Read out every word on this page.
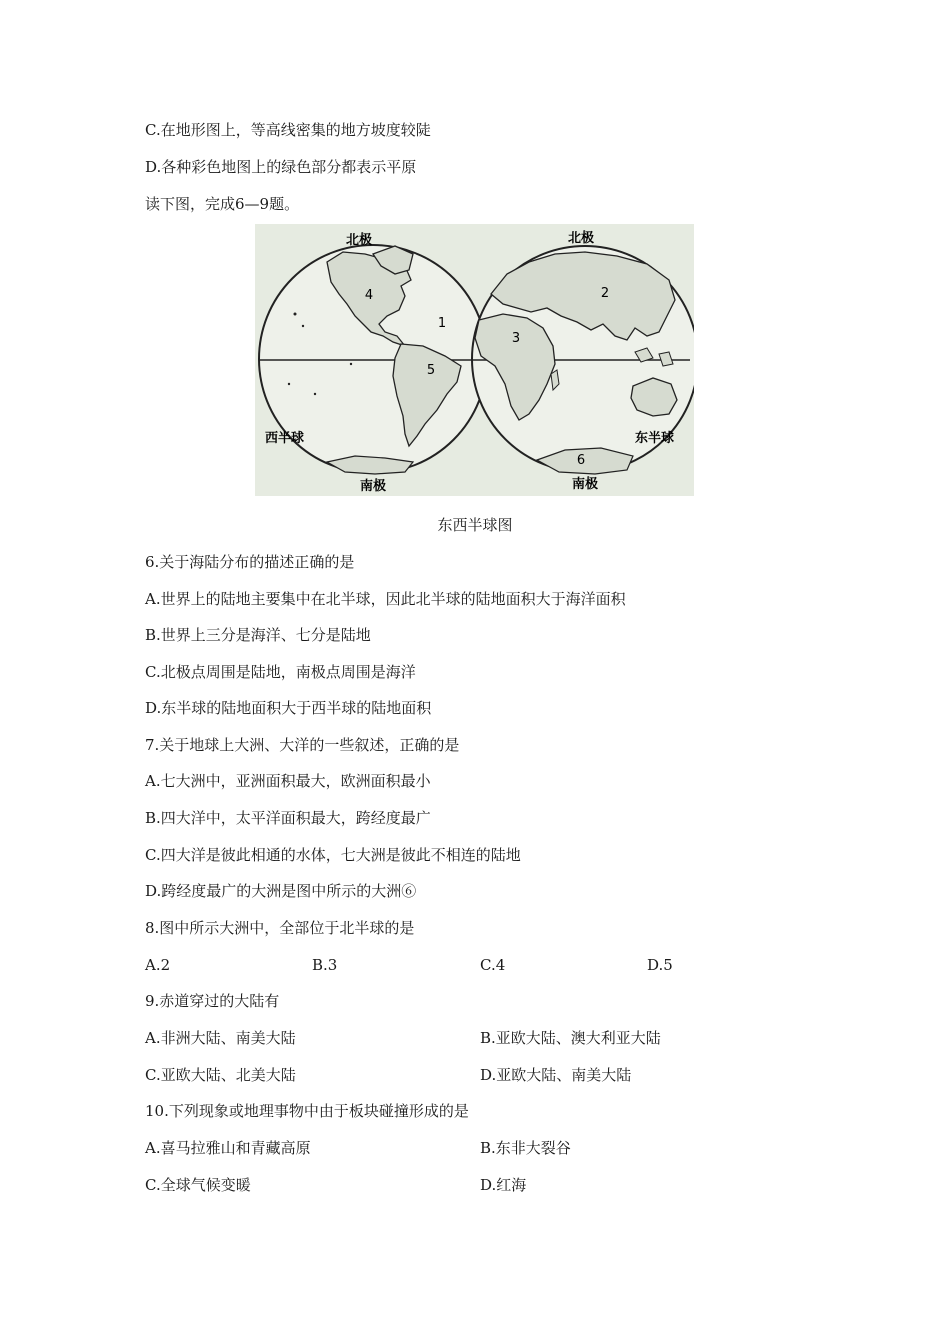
C.在地形图上，等高线密集的地方坡度较陡
D.各种彩色地图上的绿色部分都表示平原
读下图，完成6—9题。
北极
南极
西半球
1
4
5
北极
南极
东半球
2
3
6
东西半球图
6.关于海陆分布的描述正确的是
A.世界上的陆地主要集中在北半球，因此北半球的陆地面积大于海洋面积
B.世界上三分是海洋、七分是陆地
C.北极点周围是陆地，南极点周围是海洋
D.东半球的陆地面积大于西半球的陆地面积
7.关于地球上大洲、大洋的一些叙述，正确的是
A.七大洲中，亚洲面积最大，欧洲面积最小
B.四大洋中，太平洋面积最大，跨经度最广
C.四大洋是彼此相通的水体，七大洲是彼此不相连的陆地
D.跨经度最广的大洲是图中所示的大洲⑥
8.图中所示大洲中，全部位于北半球的是
A.2	B.3	C.4	D.5
9.赤道穿过的大陆有
A.非洲大陆、南美大陆	B.亚欧大陆、澳大利亚大陆
C.亚欧大陆、北美大陆	D.亚欧大陆、南美大陆
10.下列现象或地理事物中由于板块碰撞形成的是
A.喜马拉雅山和青藏高原	B.东非大裂谷
C.全球气候变暖	D.红海
